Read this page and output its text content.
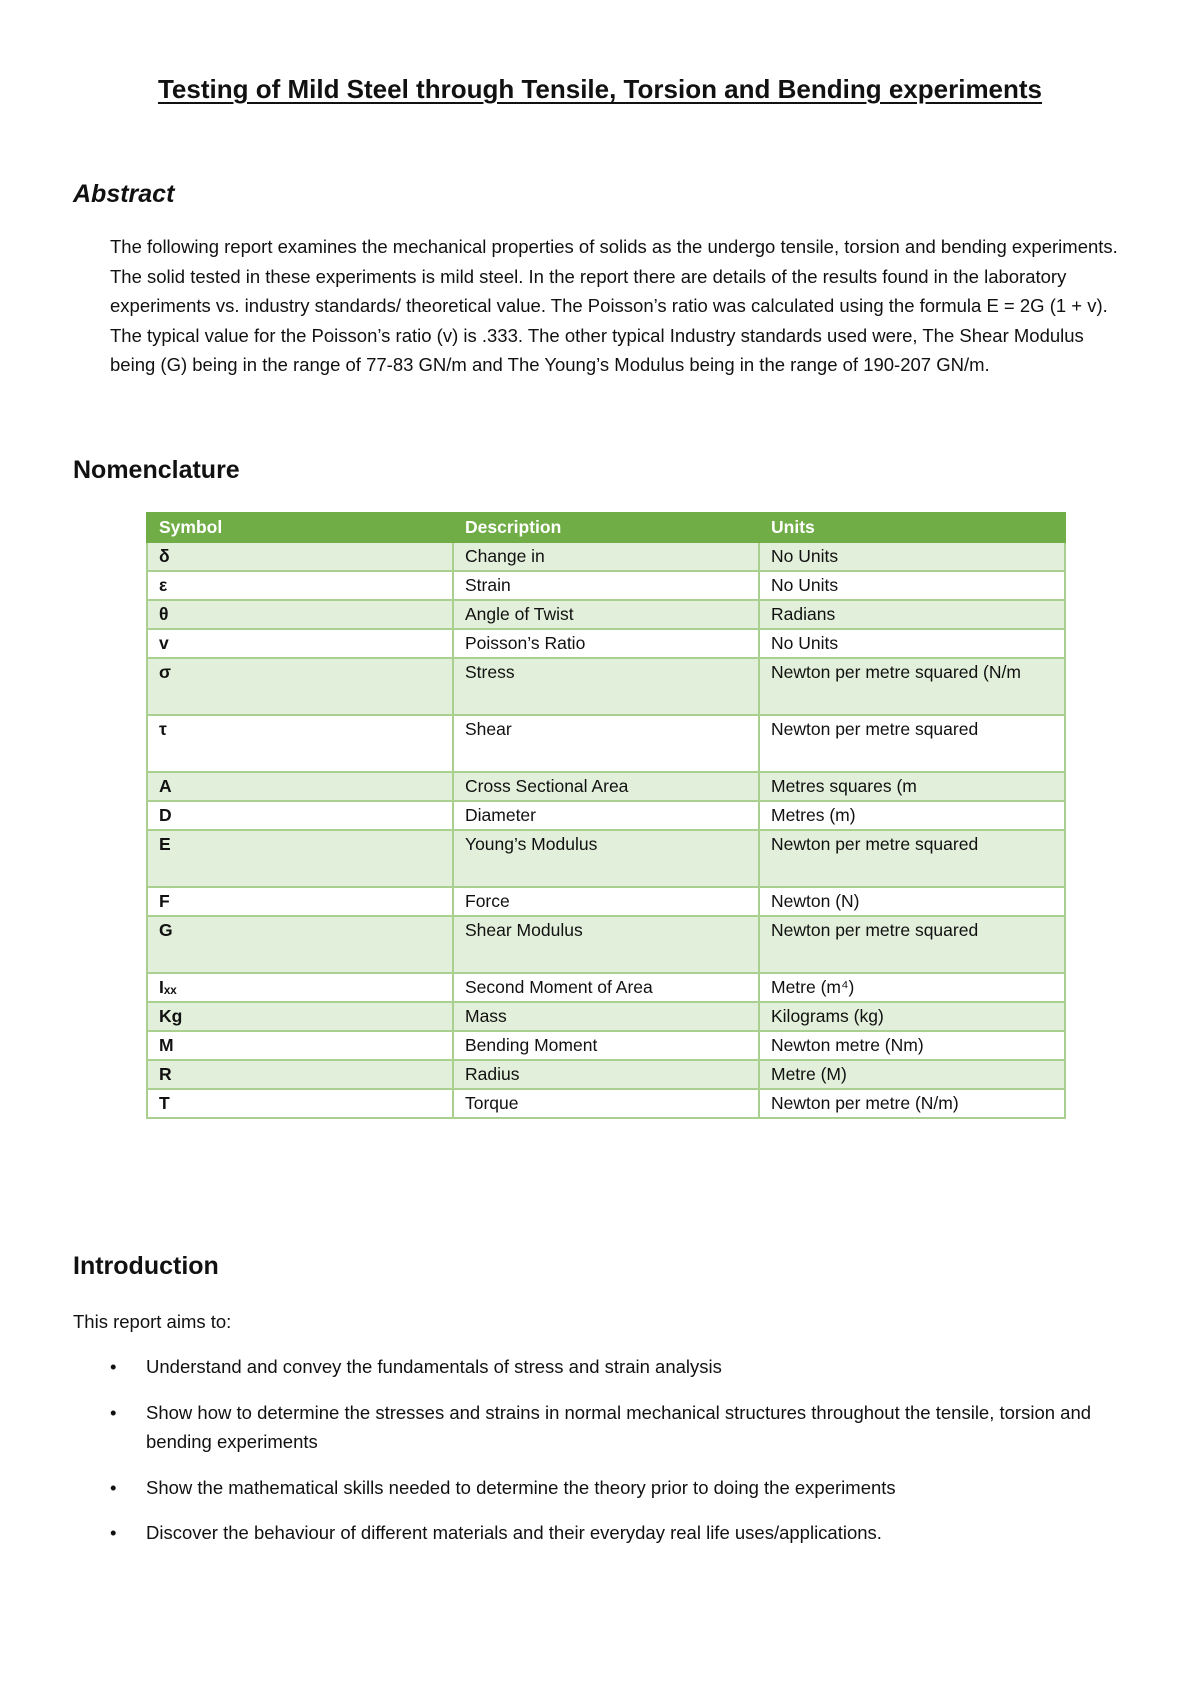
Testing of Mild Steel through Tensile, Torsion and Bending experiments
Abstract

The following report examines the mechanical properties of solids as the undergo tensile, torsion and bending experiments. The solid tested in these experiments is mild steel. In the report there are details of the results found in the laboratory experiments vs. industry standards/ theoretical value. The Poisson’s ratio was calculated using the formula E = 2G (1 + v). The typical value for the Poisson’s ratio (v) is .333. The other typical Industry standards used were, The Shear Modulus being (G) being in the range of 77-83 GN/m and The Young’s Modulus being in the range of 190-207 GN/m.

Nomenclature
Symbol	Description	Units
δ	Change in	No Units
ε	Strain	No Units
θ	Angle of Twist	Radians
v	Poisson’s Ratio	No Units
σ	Stress	Newton per metre squared (N/m
τ	Shear	Newton per metre squared
A	Cross Sectional Area	Metres squares (m
D	Diameter	Metres (m)
E	Young’s Modulus	Newton per metre squared
F	Force	Newton (N)
G	Shear Modulus	Newton per metre squared
Iₓₓ	Second Moment of Area	Metre (m⁴)
Kg	Mass	Kilograms (kg)
M	Bending Moment	Newton metre (Nm)
R	Radius	Metre (M)
T	Torque	Newton per metre (N/m)
Introduction
This report aims to:
• Understand and convey the fundamentals of stress and strain analysis
• Show how to determine the stresses and strains in normal mechanical structures throughout the tensile, torsion and bending experiments
• Show the mathematical skills needed to determine the theory prior to doing the experiments
• Discover the behaviour of different materials and their everyday real life uses/applications.
